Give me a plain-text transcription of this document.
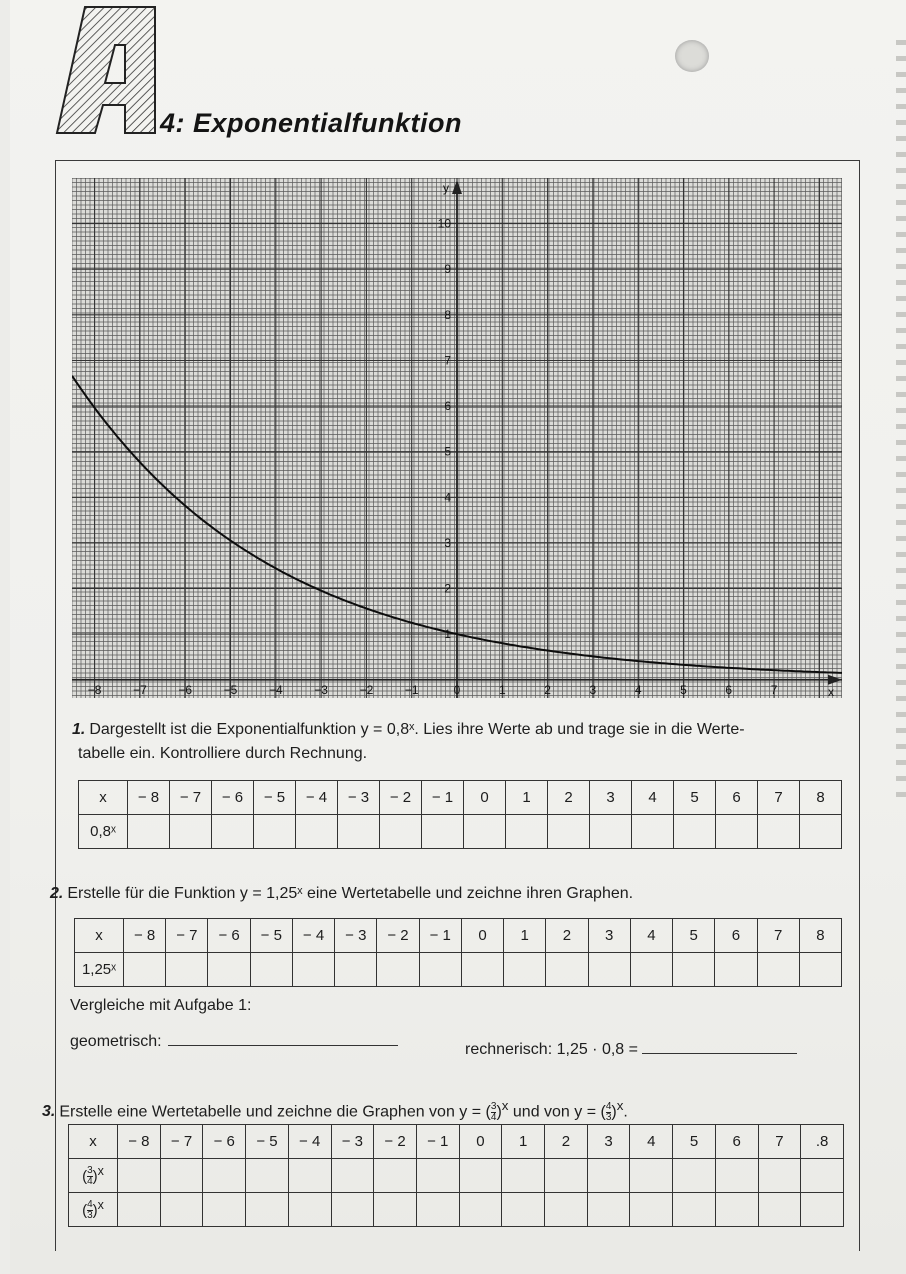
4: Exponentialfunktion
−8	−7	−6	−5	−4	−3	−2	−1	0	1	2	3	4	5	6	7
10
9
8
7
6
5
4
3
2
1
y
x

1. Dargestellt ist die Exponentialfunktion y = 0,8ˣ. Lies ihre Werte ab und trage sie in die Werte-

tabelle ein. Kontrolliere durch Rechnung.

x	− 8	− 7	− 6	− 5	− 4	− 3	− 2	− 1	0	1	2	3	4	5	6	7	8
0,8ˣ																	

2. Erstelle für die Funktion y = 1,25ˣ eine Wertetabelle und zeichne ihren Graphen.

x	− 8	− 7	− 6	− 5	− 4	− 3	− 2	− 1	0	1	2	3	4	5	6	7	8
1,25ˣ																	

Vergleiche mit Aufgabe 1:

geometrisch:	rechnerisch: 1,25 · 0,8 =

3. Erstelle eine Wertetabelle und zeichne die Graphen von y = ( $\frac{3}{4} )^x$ und von y = ( $\frac{4}{3} )^x$.

x	− 8	− 7	− 6	− 5	− 4	− 3	− 2	− 1	0	1	2	3	4	5	6	7	.8
( $\frac{3}{4} )^x$																	
( $\frac{4}{3} )^x$																	
